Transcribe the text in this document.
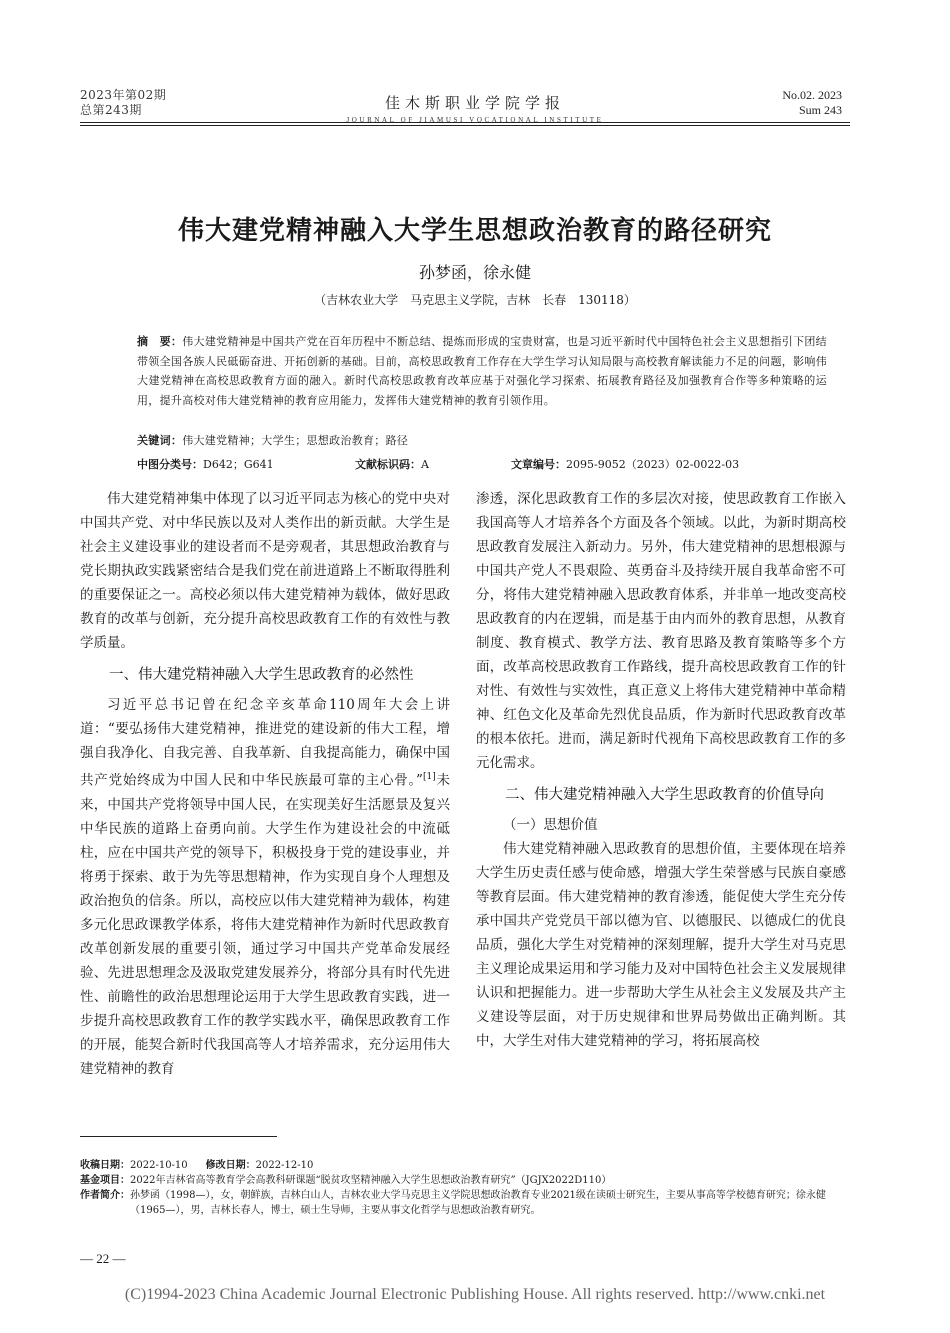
2023年第02期
总第243期	佳木斯职业学院学报
JOURNAL OF JIAMUSI VOCATIONAL INSTITUTE
No.02. 2023
Sum 243
伟大建党精神融入大学生思想政治教育的路径研究
孙梦函，徐永健
（吉林农业大学　马克思主义学院，吉林　长春　130118）
摘　要：伟大建党精神是中国共产党在百年历程中不断总结、提炼而形成的宝贵财富，也是习近平新时代中国特色社会主义思想指引下团结带领全国各族人民砥砺奋进、开拓创新的基础。目前，高校思政教育工作存在大学生学习认知局限与高校教育解读能力不足的问题，影响伟大建党精神在高校思政教育方面的融入。新时代高校思政教育改革应基于对强化学习探索、拓展教育路径及加强教育合作等多种策略的运用，提升高校对伟大建党精神的教育应用能力，发挥伟大建党精神的教育引领作用。
关键词：伟大建党精神；大学生；思想政治教育；路径
中图分类号：D642；G641	文献标识码：A	文章编号：2095-9052（2023）02-0022-03

伟大建党精神集中体现了以习近平同志为核心的党中央对中国共产党、对中华民族以及对人类作出的新贡献。大学生是社会主义建设事业的建设者而不是旁观者，其思想政治教育与党长期执政实践紧密结合是我们党在前进道路上不断取得胜利的重要保证之一。高校必须以伟大建党精神为载体，做好思政教育的改革与创新，充分提升高校思政教育工作的有效性与教学质量。

一、伟大建党精神融入大学生思政教育的必然性

习近平总书记曾在纪念辛亥革命110周年大会上讲道：“要弘扬伟大建党精神，推进党的建设新的伟大工程，增强自我净化、自我完善、自我革新、自我提高能力，确保中国共产党始终成为中国人民和中华民族最可靠的主心骨。”[1]未来，中国共产党将领导中国人民，在实现美好生活愿景及复兴中华民族的道路上奋勇向前。大学生作为建设社会的中流砥柱，应在中国共产党的领导下，积极投身于党的建设事业，并将勇于探索、敢于为先等思想精神，作为实现自身个人理想及政治抱负的信条。所以，高校应以伟大建党精神为载体，构建多元化思政课教学体系，将伟大建党精神作为新时代思政教育改革创新发展的重要引领，通过学习中国共产党革命发展经验、先进思想理念及汲取党建发展养分，将部分具有时代先进性、前瞻性的政治思想理论运用于大学生思政教育实践，进一步提升高校思政教育工作的教学实践水平，确保思政教育工作的开展，能契合新时代我国高等人才培养需求，充分运用伟大建党精神的教育

渗透，深化思政教育工作的多层次对接，使思政教育工作嵌入我国高等人才培养各个方面及各个领域。以此，为新时期高校思政教育发展注入新动力。另外，伟大建党精神的思想根源与中国共产党人不畏艰险、英勇奋斗及持续开展自我革命密不可分，将伟大建党精神融入思政教育体系，并非单一地改变高校思政教育的内在逻辑，而是基于由内而外的教育思想，从教育制度、教育模式、教学方法、教育思路及教育策略等多个方面，改革高校思政教育工作路线，提升高校思政教育工作的针对性、有效性与实效性，真正意义上将伟大建党精神中革命精神、红色文化及革命先烈优良品质，作为新时代思政教育改革的根本依托。进而，满足新时代视角下高校思政教育工作的多元化需求。

二、伟大建党精神融入大学生思政教育的价值导向
（一）思想价值

伟大建党精神融入思政教育的思想价值，主要体现在培养大学生历史责任感与使命感，增强大学生荣誉感与民族自豪感等教育层面。伟大建党精神的教育渗透，能促使大学生充分传承中国共产党党员干部以德为官、以德服民、以德成仁的优良品质，强化大学生对党精神的深刻理解，提升大学生对马克思主义理论成果运用和学习能力及对中国特色社会主义发展规律认识和把握能力。进一步帮助大学生从社会主义发展及共产主义建设等层面，对于历史规律和世界局势做出正确判断。其中，大学生对伟大建党精神的学习，将拓展高校

收稿日期： 2022-10-10 修改日期：2022-12-10
基金项目： 2022年吉林省高等教育学会高教科研课题“脱贫攻坚精神融入大学生思想政治教育研究”（JGJX2022D110）
作者简介： 孙梦函（1998—），女，朝鲜族，吉林白山人，吉林农业大学马克思主义学院思想政治教育专业2021级在读硕士研究生，主要从事高等学校德育研究；徐永健（1965—），男，吉林长春人，博士，硕士生导师，主要从事文化哲学与思想政治教育研究。
— 22 —
(C)1994-2023 China Academic Journal Electronic Publishing House. All rights reserved. http://www.cnki.net
